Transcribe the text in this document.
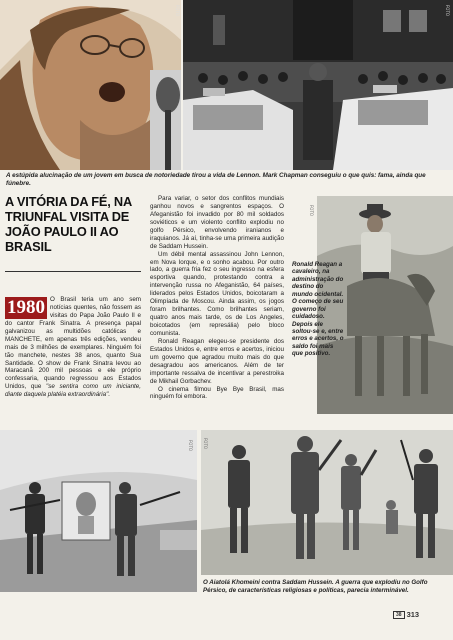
FOTO	FOTO
A estúpida alucinação de um jovem em busca de notoriedade tirou a vida de Lennon. Mark Chapman conseguiu o que quis: fama, ainda que fúnebre.
A VITÓRIA DA FÉ, NA TRIUNFAL VISITA DE JOÃO PAULO II AO BRASIL
1980 O Brasil teria um ano sem notícias quentes, não fossem as visitas do Papa João Paulo II e do cantor Frank Sinatra. A presença papal galvanizou as multidões católicas e MANCHETE, em apenas três edições, vendeu mais de 3 milhões de exemplares. Ninguém foi tão manchete, nestes 38 anos, quanto Sua Santidade. O show de Frank Sinatra levou ao Maracanã 200 mil pessoas e ele próprio confessaria, quando regressou aos Estados Unidos, que "se sentira como um iniciante, diante daquela platéia extraordinária".

Para variar, o setor dos conflitos mundiais ganhou novos e sangrentos espaços. O Afeganistão foi invadido por 80 mil soldados soviéticos e um violento conflito explodiu no golfo Pérsico, envolvendo iranianos e iraquianos. Já aí, tinha-se uma primeira audição de Saddam Hussein.

Um débil mental assassinou John Lennon, em Nova Iorque, e o sonho acabou. Por outro lado, a guerra fria fez o seu ingresso na esfera esportiva quando, protestando contra a intervenção russa no Afeganistão, 64 países, liderados pelos Estados Unidos, boicotaram a Olimpíada de Moscou. Ainda assim, os jogos foram brilhantes. Como brilhantes seriam, quatro anos mais tarde, os de Los Angeles, boicotados (em represália) pelo bloco comunista.

Ronald Reagan elegeu-se presidente dos Estados Unidos e, entre erros e acertos, iniciou um governo que agradou muito mais do que desagradou aos americanos. Além de ter importante ressalva de incentivar a perestroika de Mikhail Gorbachev.

O cinema filmou Bye Bye Brasil, mas ninguém foi embora.

FOTO
Ronald Reagan a cavaleiro, na administração do destino do mundo ocidental. O começo de seu governo foi cuidadoso. Depois ele soltou-se e, entre erros e acertos, o saldo foi mais que positivo.
FOTO	FOTO
O Aiatolá Khomeini contra Saddam Hussein. A guerra que explodiu no Golfo Pérsico, de características religiosas e políticas, parecia interminável.
38 313
